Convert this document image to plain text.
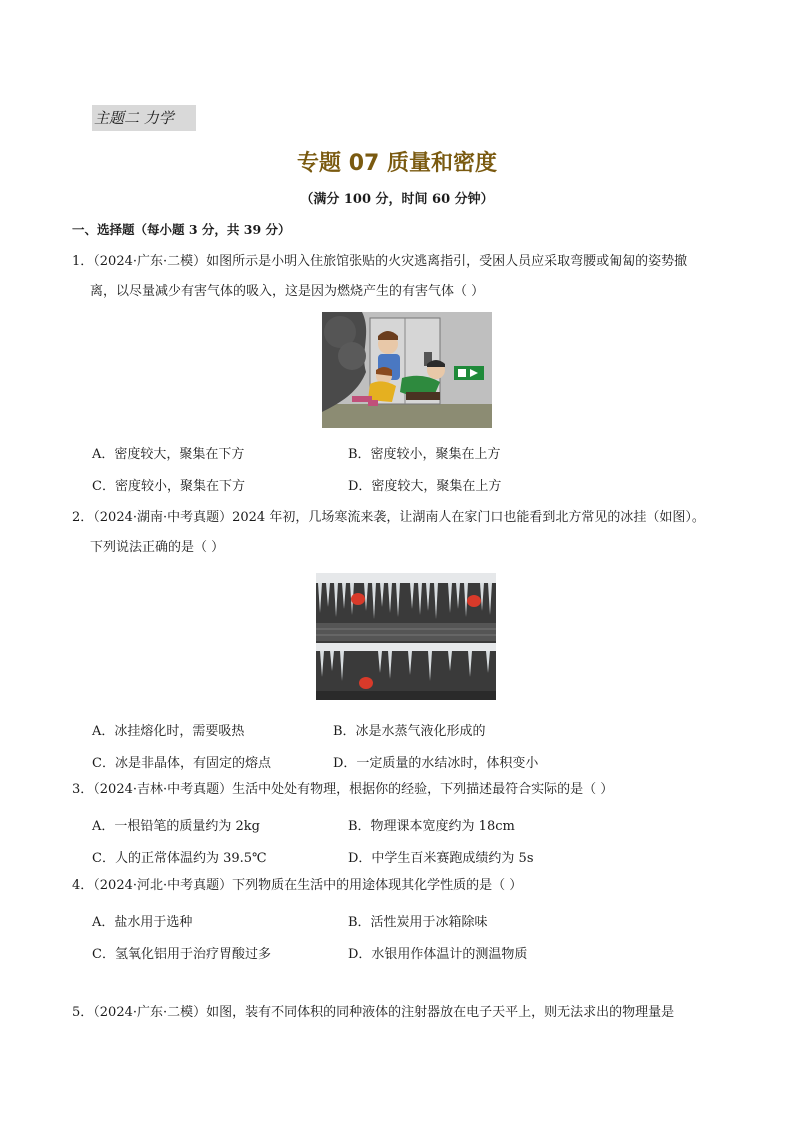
主题二 力学
专题 07 质量和密度
（满分 100 分，时间 60 分钟）
一、选择题（每小题 3 分，共 39 分）
1．（2024·广东·二模）如图所示是小明入住旅馆张贴的火灾逃离指引，受困人员应采取弯腰或匍匐的姿势撤
离，以尽量减少有害气体的吸入，这是因为燃烧产生的有害气体（ ）
A．密度较大，聚集在下方	B．密度较小，聚集在上方
C．密度较小，聚集在下方	D．密度较大，聚集在上方
2．（2024·湖南·中考真题）2024 年初，几场寒流来袭，让湖南人在家门口也能看到北方常见的冰挂（如图）。
下列说法正确的是（ ）
A．冰挂熔化时，需要吸热	B．冰是水蒸气液化形成的
C．冰是非晶体，有固定的熔点	D．一定质量的水结冰时，体积变小
3．（2024·吉林·中考真题）生活中处处有物理，根据你的经验，下列描述最符合实际的是（ ）
A．一根铅笔的质量约为 2kg	B．物理课本宽度约为 18cm
C．人的正常体温约为 39.5℃	D．中学生百米赛跑成绩约为 5s
4．（2024·河北·中考真题）下列物质在生活中的用途体现其化学性质的是（ ）
A．盐水用于选种	B．活性炭用于冰箱除味
C．氢氧化铝用于治疗胃酸过多	D．水银用作体温计的测温物质
5．（2024·广东·二模）如图，装有不同体积的同种液体的注射器放在电子天平上，则无法求出的物理量是
